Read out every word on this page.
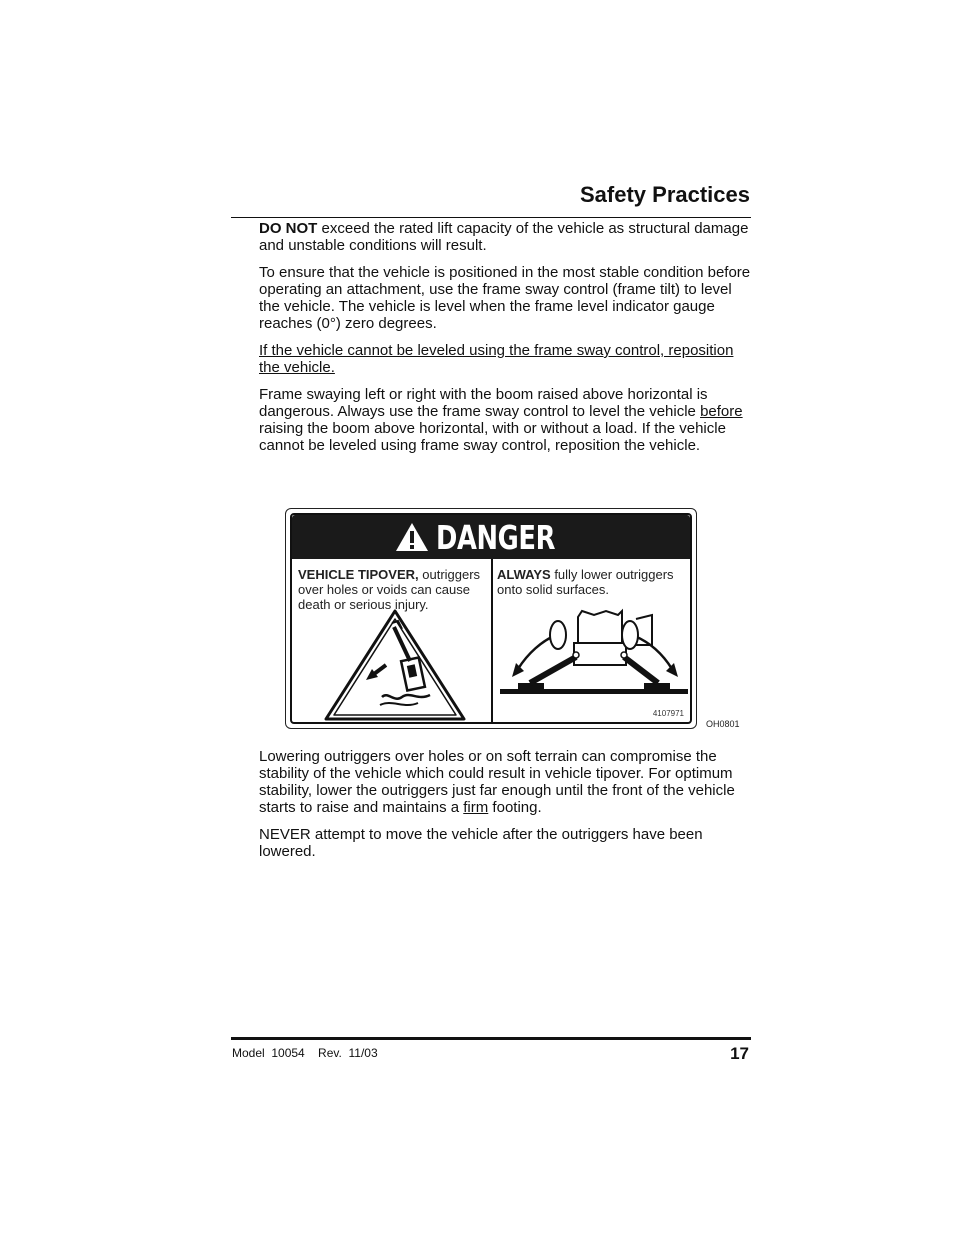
Safety Practices

DO NOT exceed the rated lift capacity of the vehicle as structural damage and unstable conditions will result.

To ensure that the vehicle is positioned in the most stable condition before operating an attachment, use the frame sway control (frame tilt) to level the vehicle. The vehicle is level when the frame level indicator gauge reaches (0°) zero degrees.

If the vehicle cannot be leveled using the frame sway control, reposition the vehicle.

Frame swaying left or right with the boom raised above horizontal is dangerous. Always use the frame sway control to level the vehicle before raising the boom above horizontal, with or without a load. If the vehicle cannot be leveled using frame sway control, reposition the vehicle.

DANGER
VEHICLE TIPOVER, outriggers over holes or voids can cause death or serious injury.
ALWAYS fully lower outriggers onto solid surfaces.
4107971
OH0801

Lowering outriggers over holes or on soft terrain can compromise the stability of the vehicle which could result in vehicle tipover. For optimum stability, lower the outriggers just far enough until the front of the vehicle starts to raise and maintains a firm footing.

NEVER attempt to move the vehicle after the outriggers have been lowered.

Model  10054    Rev.  11/03	17
